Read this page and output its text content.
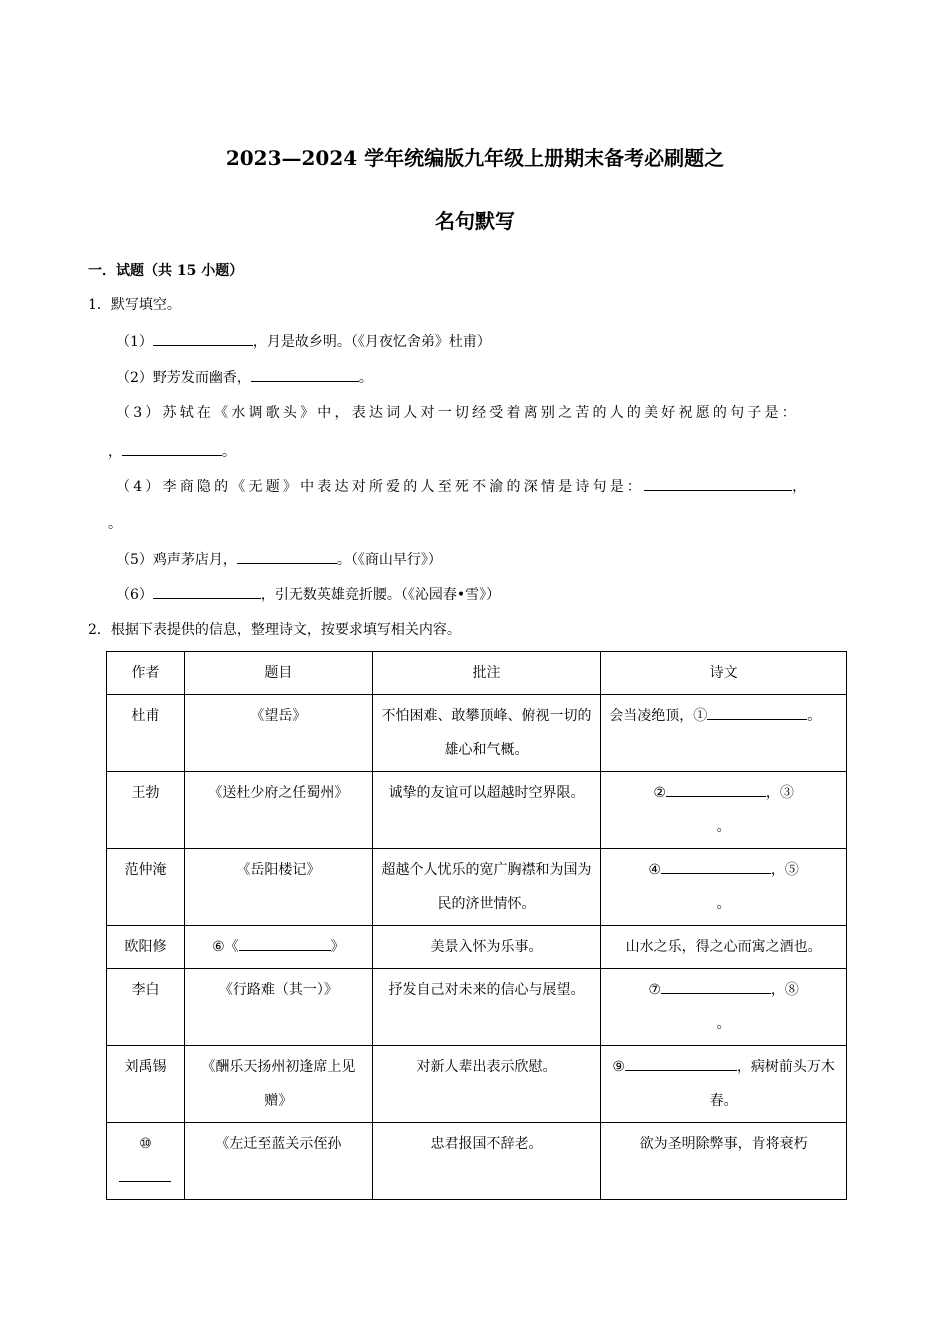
2023—2024 学年统编版九年级上册期末备考必刷题之
名句默写
一．试题（共 15 小题）
1．默写填空。
（1）	，月是故乡明。（《月夜忆舍弟》杜甫）
（2）野芳发而幽香，	。
（3）苏轼在《水调歌头》中，表达词人对一切经受着离别之苦的人的美好祝愿的句子是：
，	。
（4）李商隐的《无题》中表达对所爱的人至死不渝的深情是诗句是：	，
。
（5）鸡声茅店月，	。（《商山早行》）
（6）	，引无数英雄竞折腰。（《沁园春•雪》）
2．根据下表提供的信息，整理诗文，按要求填写相关内容。
作者	题目	批注	诗文
杜甫	《望岳》	不怕困难、敢攀顶峰、俯视一切的雄心和气概。	会当凌绝顶，① 。
王勃	《送杜少府之任蜀州》	诚挚的友谊可以超越时空界限。	② ，③
。
范仲淹	《岳阳楼记》	超越个人忧乐的宽广胸襟和为国为民的济世情怀。	④ ，⑤
。
欧阳修	⑥《 》	美景入怀为乐事。	山水之乐，得之心而寓之酒也。
李白	《行路难（其一）》	抒发自己对未来的信心与展望。	⑦ ，⑧
。
刘禹锡	《酬乐天扬州初逢席上见赠》	对新人辈出表示欣慰。	⑨ ，病树前头万木春。
⑩	《左迁至蓝关示侄孙	忠君报国不辞老。	欲为圣明除弊事，肯将衰朽
